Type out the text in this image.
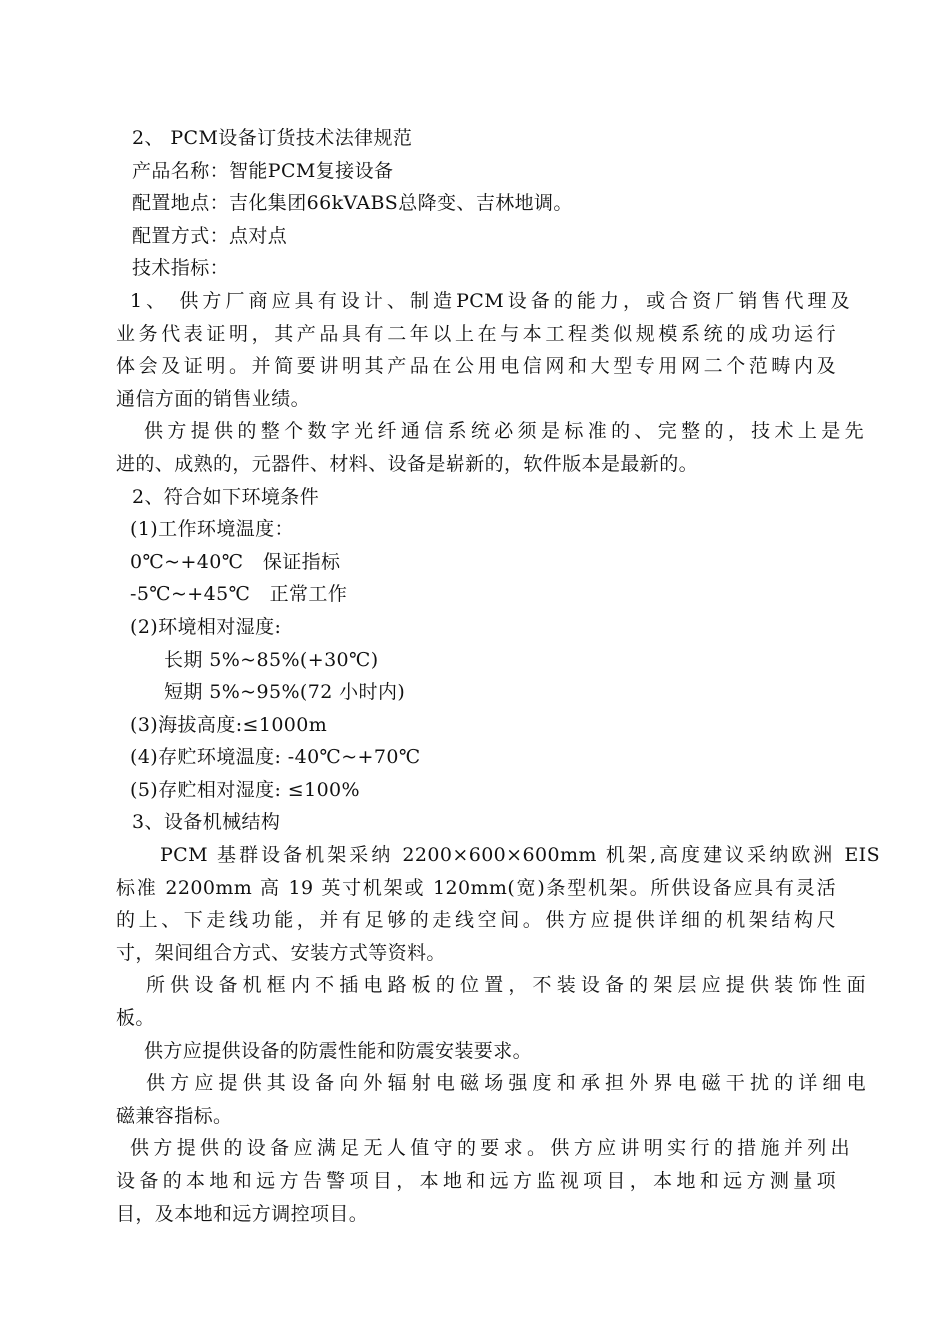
2、 PCM设备订货技术法律规范
产品名称：智能PCM复接设备
配置地点：吉化集团66kVABS总降变、吉林地调。
配置方式：点对点
技术指标：
1、 供方厂商应具有设计、制造PCM设备的能力，或合资厂销售代理及
业务代表证明，其产品具有二年以上在与本工程类似规模系统的成功运行
体会及证明。并简要讲明其产品在公用电信网和大型专用网二个范畴内及
通信方面的销售业绩。
供方提供的整个数字光纤通信系统必须是标准的、完整的，技术上是先
进的、成熟的，元器件、材料、设备是崭新的，软件版本是最新的。
2、符合如下环境条件
(1)工作环境温度：
0℃~+40℃　保证指标
-5℃~+45℃　正常工作
(2)环境相对湿度:
长期 5%~85%(+30℃)
短期 5%~95%(72 小时内)
(3)海拔高度:≤1000m
(4)存贮环境温度: -40℃~+70℃
(5)存贮相对湿度: ≤100%
3、设备机械结构
PCM 基群设备机架采纳 2200×600×600mm 机架,高度建议采纳欧洲 EIS
标准 2200mm 高 19 英寸机架或 120mm(宽)条型机架。所供设备应具有灵活
的上、下走线功能，并有足够的走线空间。供方应提供详细的机架结构尺
寸，架间组合方式、安装方式等资料。
所供设备机框内不插电路板的位置，不装设备的架层应提供装饰性面
板。
供方应提供设备的防震性能和防震安装要求。
供方应提供其设备向外辐射电磁场强度和承担外界电磁干扰的详细电
磁兼容指标。
供方提供的设备应满足无人值守的要求。供方应讲明实行的措施并列出
设备的本地和远方告警项目，本地和远方监视项目，本地和远方测量项
目，及本地和远方调控项目。
